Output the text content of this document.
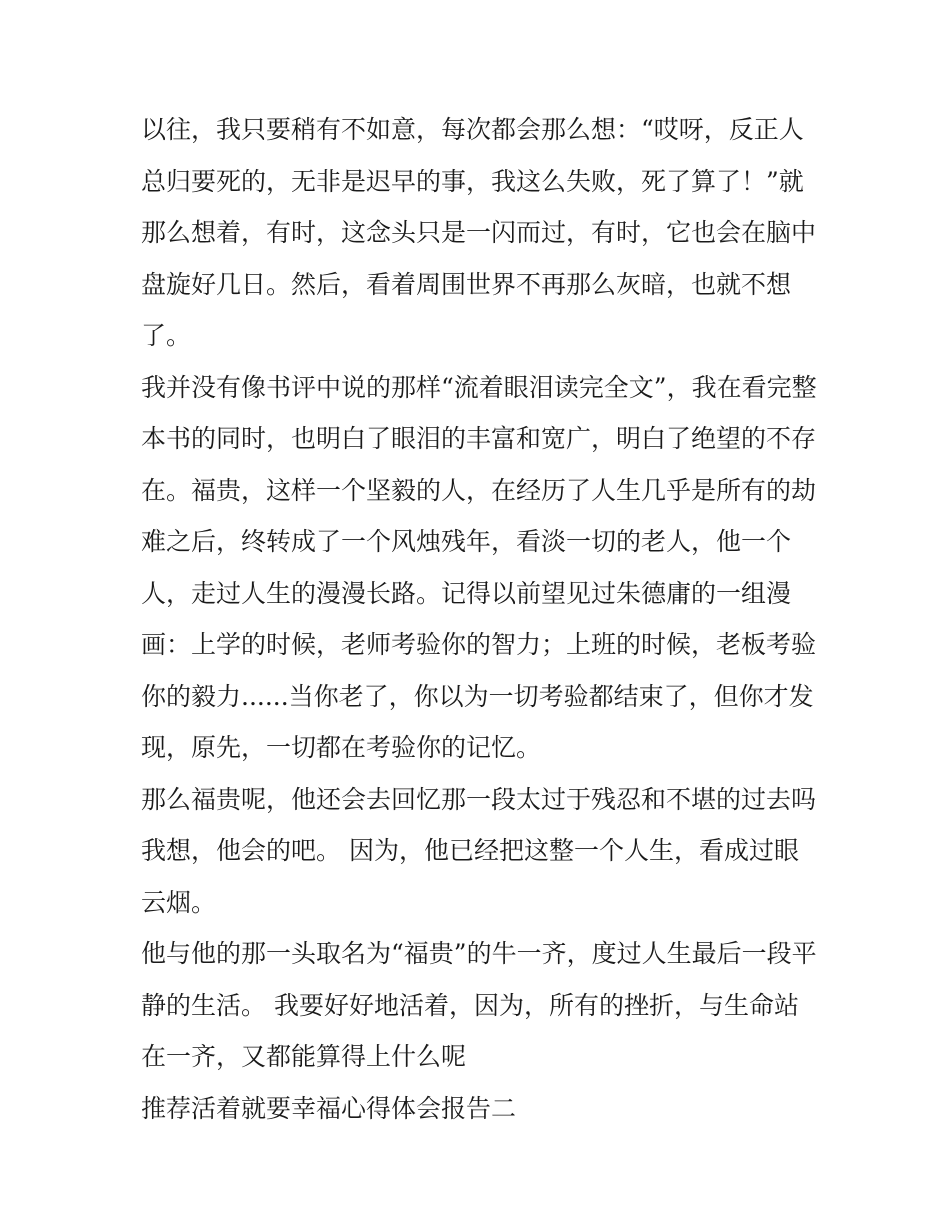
以往，我只要稍有不如意，每次都会那么想：“哎呀，反正人
总归要死的，无非是迟早的事，我这么失败，死了算了！”就
那么想着，有时，这念头只是一闪而过，有时，它也会在脑中
盘旋好几日。然后，看着周围世界不再那么灰暗，也就不想
了。
我并没有像书评中说的那样“流着眼泪读完全文”，我在看完整
本书的同时，也明白了眼泪的丰富和宽广，明白了绝望的不存
在。福贵，这样一个坚毅的人，在经历了人生几乎是所有的劫
难之后，终转成了一个风烛残年，看淡一切的老人，他一个
人，走过人生的漫漫长路。记得以前望见过朱德庸的一组漫
画：上学的时候，老师考验你的智力；上班的时候，老板考验
你的毅力......当你老了，你以为一切考验都结束了，但你才发
现，原先，一切都在考验你的记忆。
那么福贵呢，他还会去回忆那一段太过于残忍和不堪的过去吗
我想，他会的吧。 因为，他已经把这整一个人生，看成过眼
云烟。
他与他的那一头取名为“福贵”的牛一齐，度过人生最后一段平
静的生活。 我要好好地活着，因为，所有的挫折，与生命站
在一齐，又都能算得上什么呢
推荐活着就要幸福心得体会报告二
